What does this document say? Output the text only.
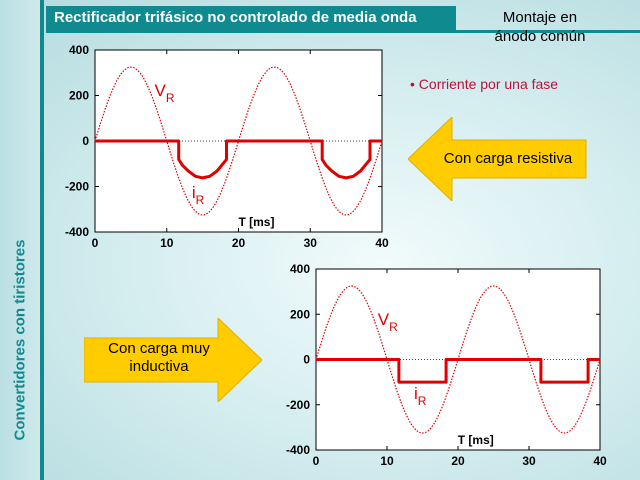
Convertidores con tiristores
Rectificador trifásico no controlado de media onda	Montaje en
ánodo común
• Corriente por una fase
Con carga resistiva
Con carga muy
inductiva
0	10	20	30	40
400
200
0
-200
-400
T [ms]
$V_R$
$i_R$
0	10	20	30	40
400
200
0
-200
-400
T [ms]
$V_R$
$i_R$
